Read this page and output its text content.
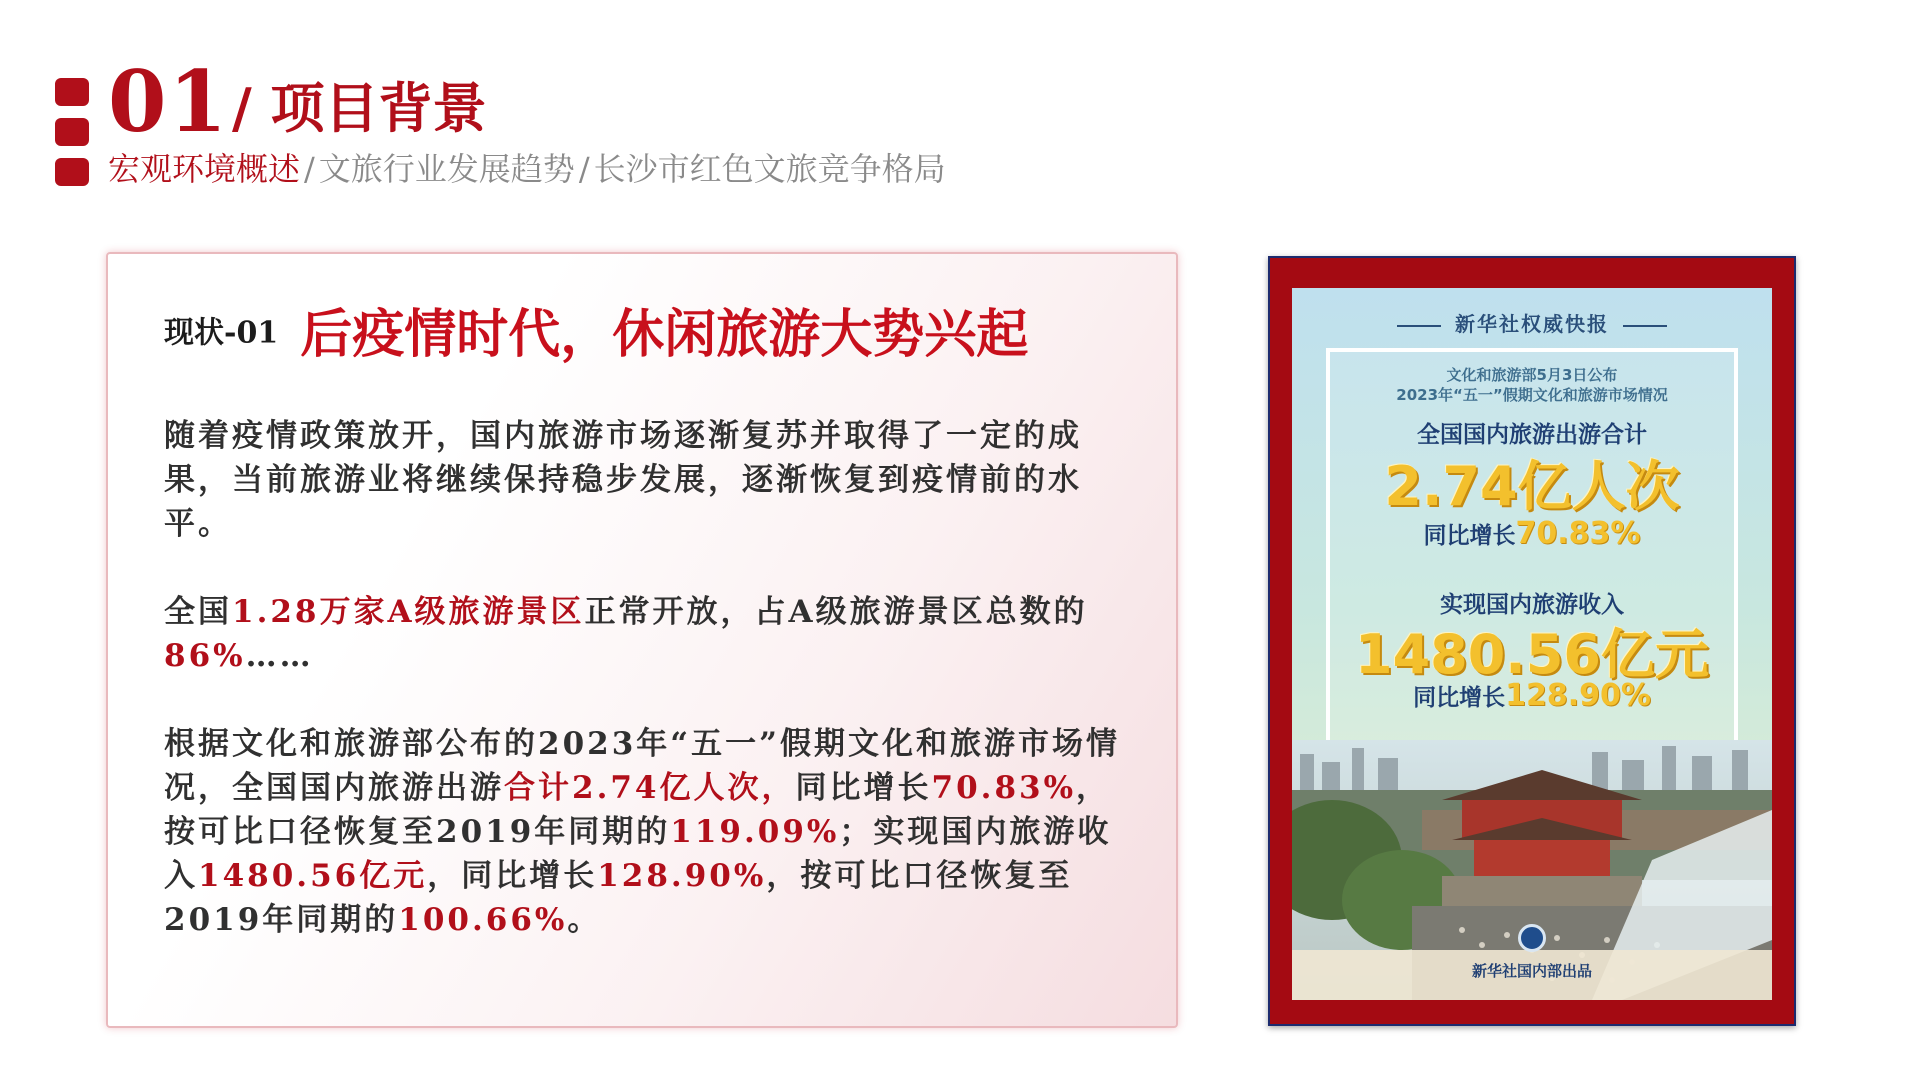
01 / 项目背景
宏观环境概述 / 文旅行业发展趋势 / 长沙市红色文旅竞争格局
现状-01 后疫情时代，休闲旅游大势兴起

随着疫情政策放开，国内旅游市场逐渐复苏并取得了一定的成果，当前旅游业将继续保持稳步发展，逐渐恢复到疫情前的水平。

全国1.28万家A级旅游景区正常开放，占A级旅游景区总数的86%……

根据文化和旅游部公布的2023年“五一”假期文化和旅游市场情况，全国国内旅游出游合计2.74亿人次，同比增长70.83%，按可比口径恢复至2019年同期的119.09%；实现国内旅游收入1480.56亿元，同比增长128.90%，按可比口径恢复至2019年同期的100.66%。

新华社权威快报
文化和旅游部5月3日公布
2023年“五一”假期文化和旅游市场情况
全国国内旅游出游合计
2.74亿人次
同比增长70.83%
实现国内旅游收入
1480.56亿元
同比增长128.90%
新华社国内部出品
